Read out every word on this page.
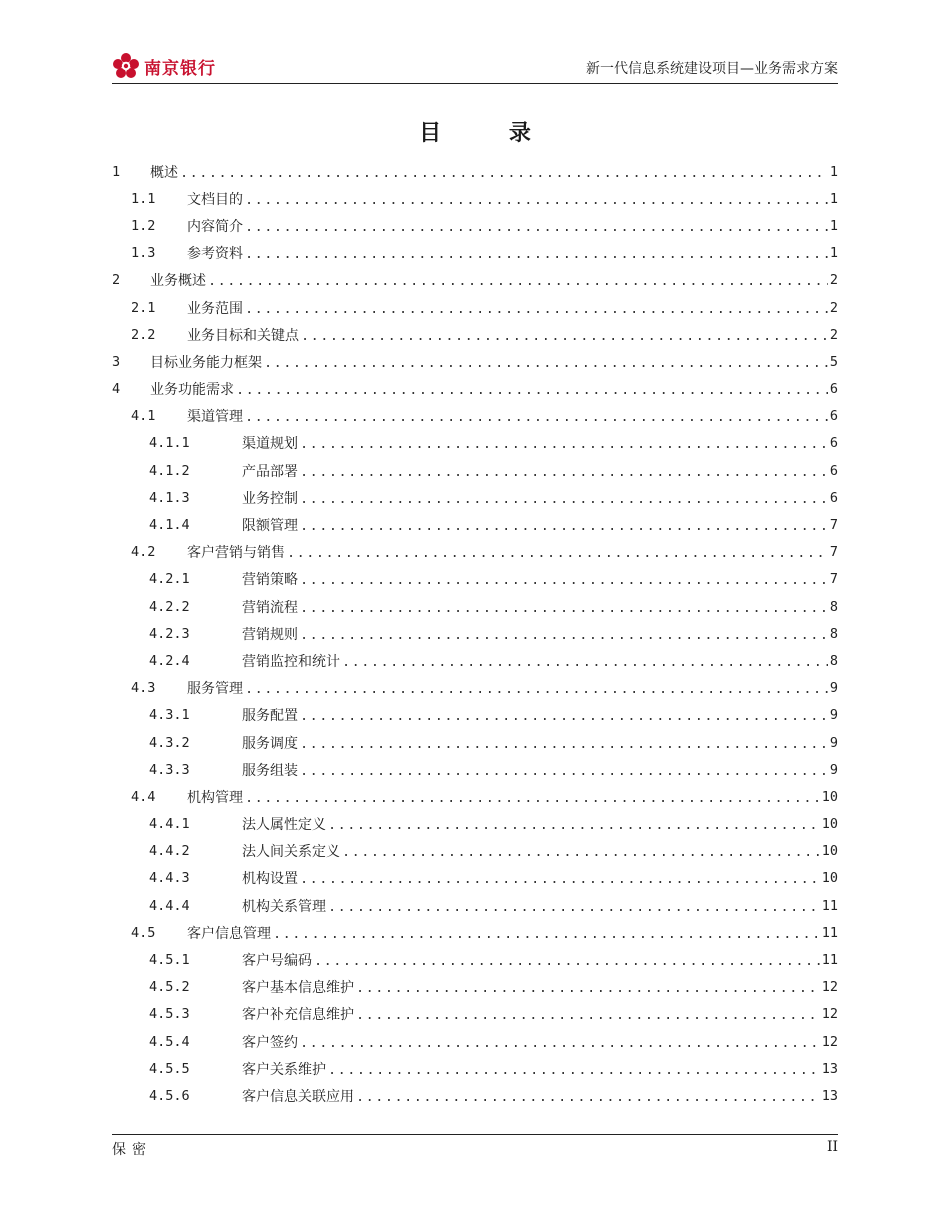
南京银行	新一代信息系统建设项目—业务需求方案
目 录
1	概述 .....	1
1.1	文档目的 .....	1
1.2	内容简介 .....	1
1.3	参考资料 .....	1
2	业务概述 .....	2
2.1	业务范围 .....	2
2.2	业务目标和关键点 .....	2
3	目标业务能力框架 .....	5
4	业务功能需求 .....	6
4.1	渠道管理 .....	6
4.1.1	渠道规划 .....	6
4.1.2	产品部署 .....	6
4.1.3	业务控制 .....	6
4.1.4	限额管理 .....	7
4.2	客户营销与销售 .....	7
4.2.1	营销策略 .....	7
4.2.2	营销流程 .....	8
4.2.3	营销规则 .....	8
4.2.4	营销监控和统计 .....	8
4.3	服务管理 .....	9
4.3.1	服务配置 .....	9
4.3.2	服务调度 .....	9
4.3.3	服务组装 .....	9
4.4	机构管理 .....	10
4.4.1	法人属性定义 .....	10
4.4.2	法人间关系定义 .....	10
4.4.3	机构设置 .....	10
4.4.4	机构关系管理 .....	11
4.5	客户信息管理 .....	11
4.5.1	客户号编码 .....	11
4.5.2	客户基本信息维护 .....	12
4.5.3	客户补充信息维护 .....	12
4.5.4	客户签约 .....	12
4.5.5	客户关系维护 .....	13
4.5.6	客户信息关联应用 .....	13
保密	II
